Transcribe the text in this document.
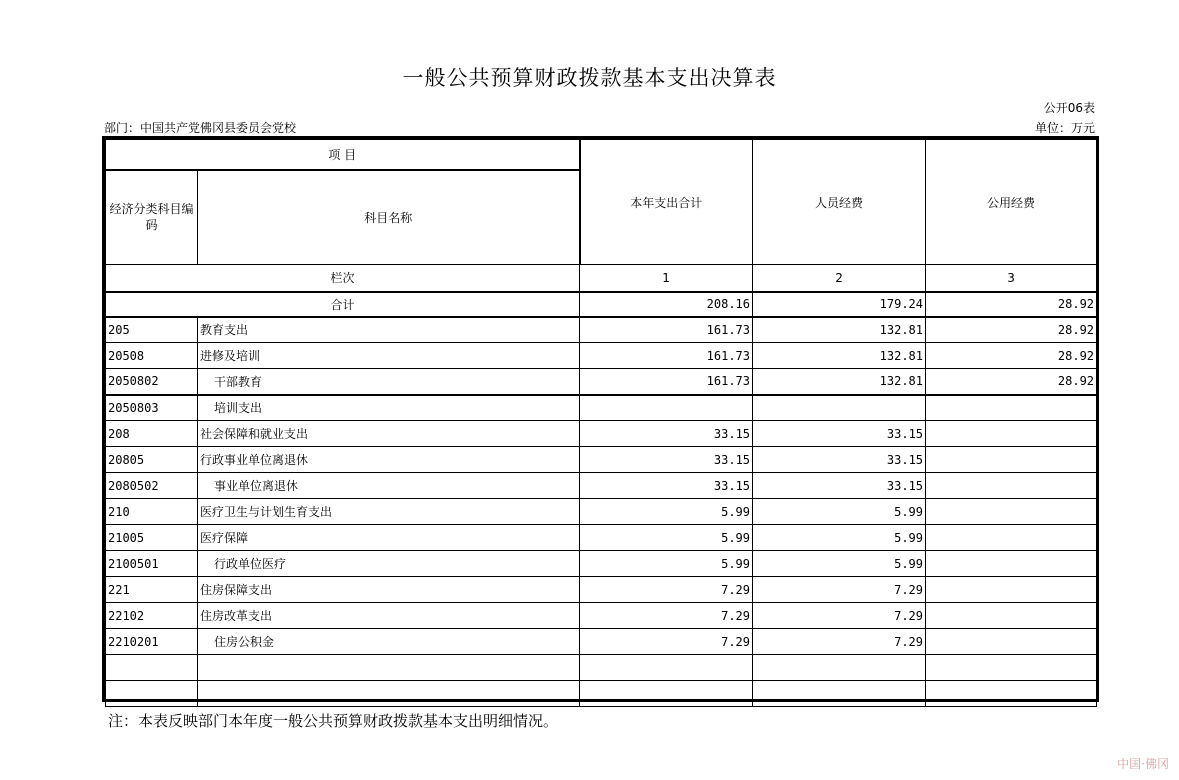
一般公共预算财政拨款基本支出决算表
公开06表
部门：中国共产党佛冈县委员会党校	单位：万元
项 目		本年支出合计	人员经费	公用经费
经济分类科目编码	科目名称			
栏次		1	2	3
合计		208.16	179.24	28.92
205	教育支出	161.73	132.81	28.92
20508	进修及培训	161.73	132.81	28.92
2050802	干部教育	161.73	132.81	28.92
2050803	培训支出			
208	社会保障和就业支出	33.15	33.15	
20805	行政事业单位离退休	33.15	33.15	
2080502	事业单位离退休	33.15	33.15	
210	医疗卫生与计划生育支出	5.99	5.99	
21005	医疗保障	5.99	5.99	
2100501	行政单位医疗	5.99	5.99	
221	住房保障支出	7.29	7.29	
22102	住房改革支出	7.29	7.29	
2210201	住房公积金	7.29	7.29	

注：本表反映部门本年度一般公共预算财政拨款基本支出明细情况。
中国·佛冈
